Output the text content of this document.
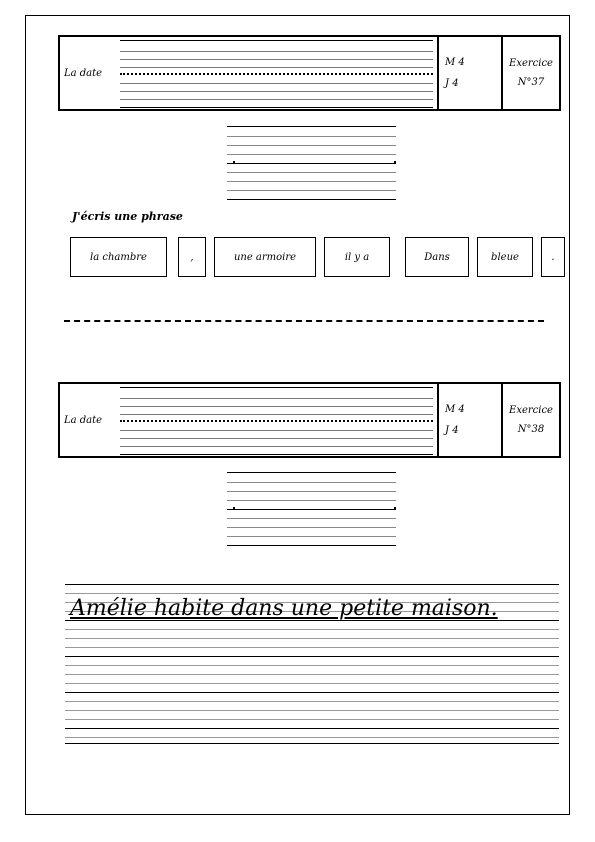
La date
M 4
J 4
Exercice
N°37
J'écris une phrase
la chambre	,	une armoire	il y a	Dans	bleue	.
La date
M 4
J 4
Exercice
N°38
Amélie habite dans une petite maison.
